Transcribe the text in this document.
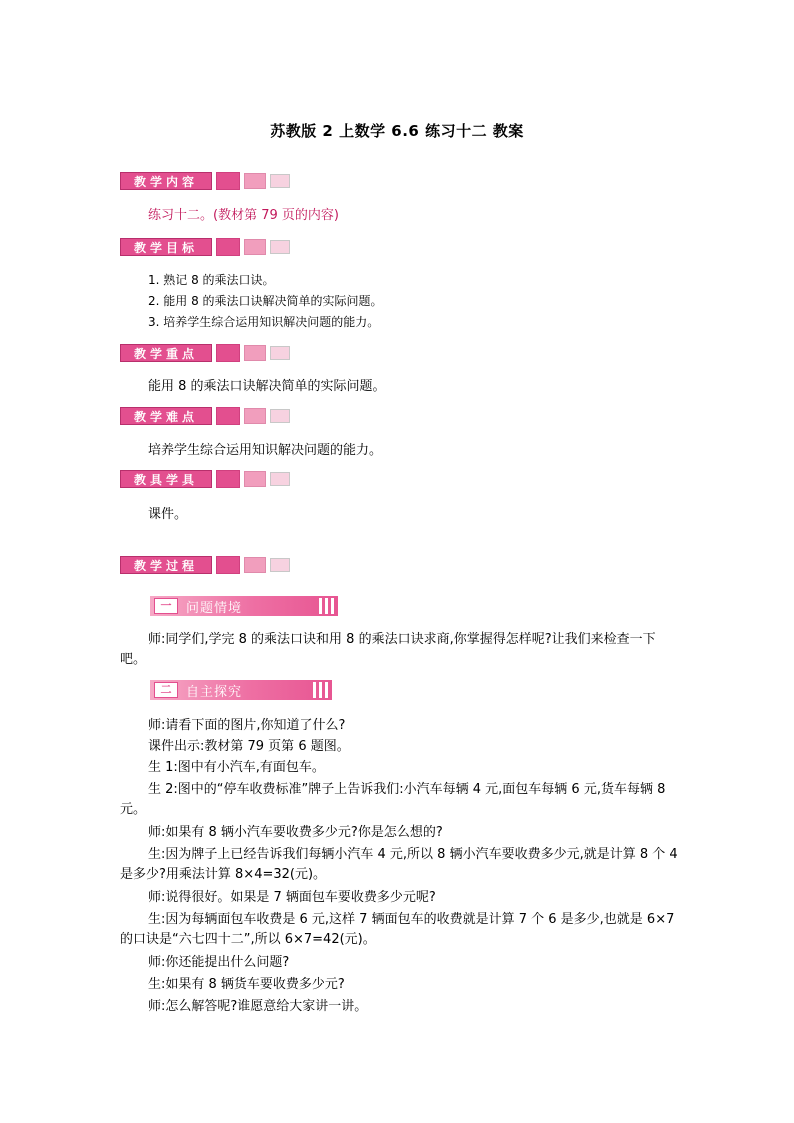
苏教版 2 上数学 6.6 练习十二 教案
教学内容
练习十二。(教材第 79 页的内容)
教学目标
1. 熟记 8 的乘法口诀。
2. 能用 8 的乘法口诀解决简单的实际问题。
3. 培养学生综合运用知识解决问题的能力。
教学重点
能用 8 的乘法口诀解决简单的实际问题。
教学难点
培养学生综合运用知识解决问题的能力。
教具学具
课件。
教学过程
一	问题情境
师:同学们,学完 8 的乘法口诀和用 8 的乘法口诀求商,你掌握得怎样呢?让我们来检查一下吧。
二	自主探究
师:请看下面的图片,你知道了什么?
课件出示:教材第 79 页第 6 题图。
生 1:图中有小汽车,有面包车。
生 2:图中的“停车收费标准”牌子上告诉我们:小汽车每辆 4 元,面包车每辆 6 元,货车每辆 8 元。
师:如果有 8 辆小汽车要收费多少元?你是怎么想的?
生:因为牌子上已经告诉我们每辆小汽车 4 元,所以 8 辆小汽车要收费多少元,就是计算 8 个 4 是多少?用乘法计算 8×4=32(元)。
师:说得很好。如果是 7 辆面包车要收费多少元呢?
生:因为每辆面包车收费是 6 元,这样 7 辆面包车的收费就是计算 7 个 6 是多少,也就是 6×7 的口诀是“六七四十二”,所以 6×7=42(元)。
师:你还能提出什么问题?
生:如果有 8 辆货车要收费多少元?
师:怎么解答呢?谁愿意给大家讲一讲。
